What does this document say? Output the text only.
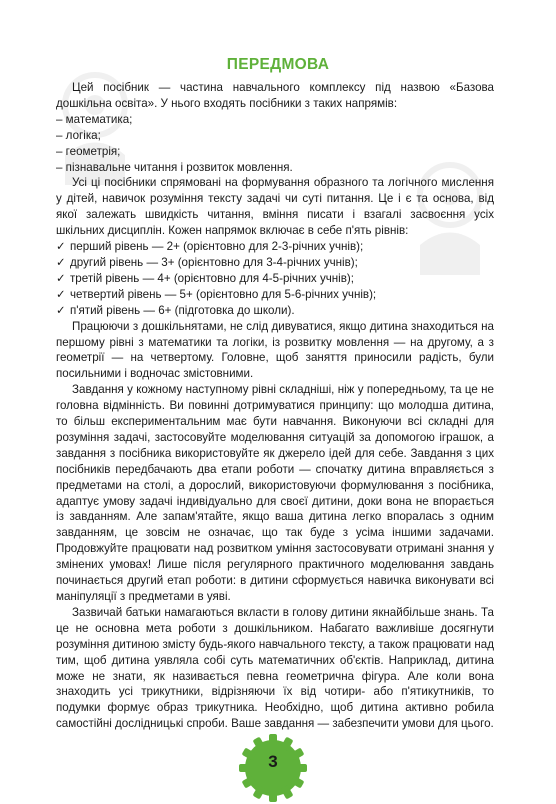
ПЕРЕДМОВА

Цей посібник — частина навчального комплексу під назвою «Базова дошкільна освіта». У нього входять посібники з таких напрямів:

– математика;
– логіка;
– геометрія;
– пізнавальне читання і розвиток мовлення.

Усі ці посібники спрямовані на формування образного та логічного мислення у дітей, навичок розуміння тексту задачі чи суті питання. Це і є та основа, від якої залежать швидкість читання, вміння писати і взагалі засвоєння усіх шкільних дисциплін. Кожен напрямок включає в себе п'ять рівнів:

✓ перший рівень — 2+ (орієнтовно для 2-3-річних учнів);
✓ другий рівень — 3+ (орієнтовно для 3-4-річних учнів);
✓ третій рівень — 4+ (орієнтовно для 4-5-річних учнів);
✓ четвертий рівень — 5+ (орієнтовно для 5-6-річних учнів);
✓ п'ятий рівень — 6+ (підготовка до школи).

Працюючи з дошкільнятами, не слід дивуватися, якщо дитина знаходиться на першому рівні з математики та логіки, із розвитку мовлення — на другому, а з геометрії — на четвертому. Головне, щоб заняття приносили радість, були посильними і водночас змістовними.

Завдання у кожному наступному рівні складніші, ніж у попередньому, та це не головна відмінність. Ви повинні дотримуватися принципу: що молодша дитина, то більш експериментальним має бути навчання. Виконуючи всі складні для розуміння задачі, застосовуйте моделювання ситуацій за допомогою іграшок, а завдання з посібника використовуйте як джерело ідей для себе. Завдання з цих посібників передбачають два етапи роботи — спочатку дитина вправляється з предметами на столі, а дорослий, використовуючи формулювання з посібника, адаптує умову задачі індивідуально для своєї дитини, доки вона не впорається із завданням. Але запам'ятайте, якщо ваша дитина легко впоралась з одним завданням, це зовсім не означає, що так буде з усіма іншими задачами. Продовжуйте працювати над розвитком уміння застосовувати отримані знання у змінених умовах! Лише після регулярного практичного моделювання завдань починається другий етап роботи: в дитини сформується навичка виконувати всі маніпуляції з предметами в уяві.

Зазвичай батьки намагаються вкласти в голову дитини якнайбільше знань. Та це не основна мета роботи з дошкільником. Набагато важливіше досягнути розуміння дитиною змісту будь-якого навчального тексту, а також працювати над тим, щоб дитина уявляла собі суть математичних об'єктів. Наприклад, дитина може не знати, як називається певна геометрична фігура. Але коли вона знаходить усі трикутники, відрізняючи їх від чотири- або п'ятикутників, то подумки формує образ трикутника. Необхідно, щоб дитина активно робила самостійні дослідницькі спроби. Ваше завдання — забезпечити умови для цього.

3
